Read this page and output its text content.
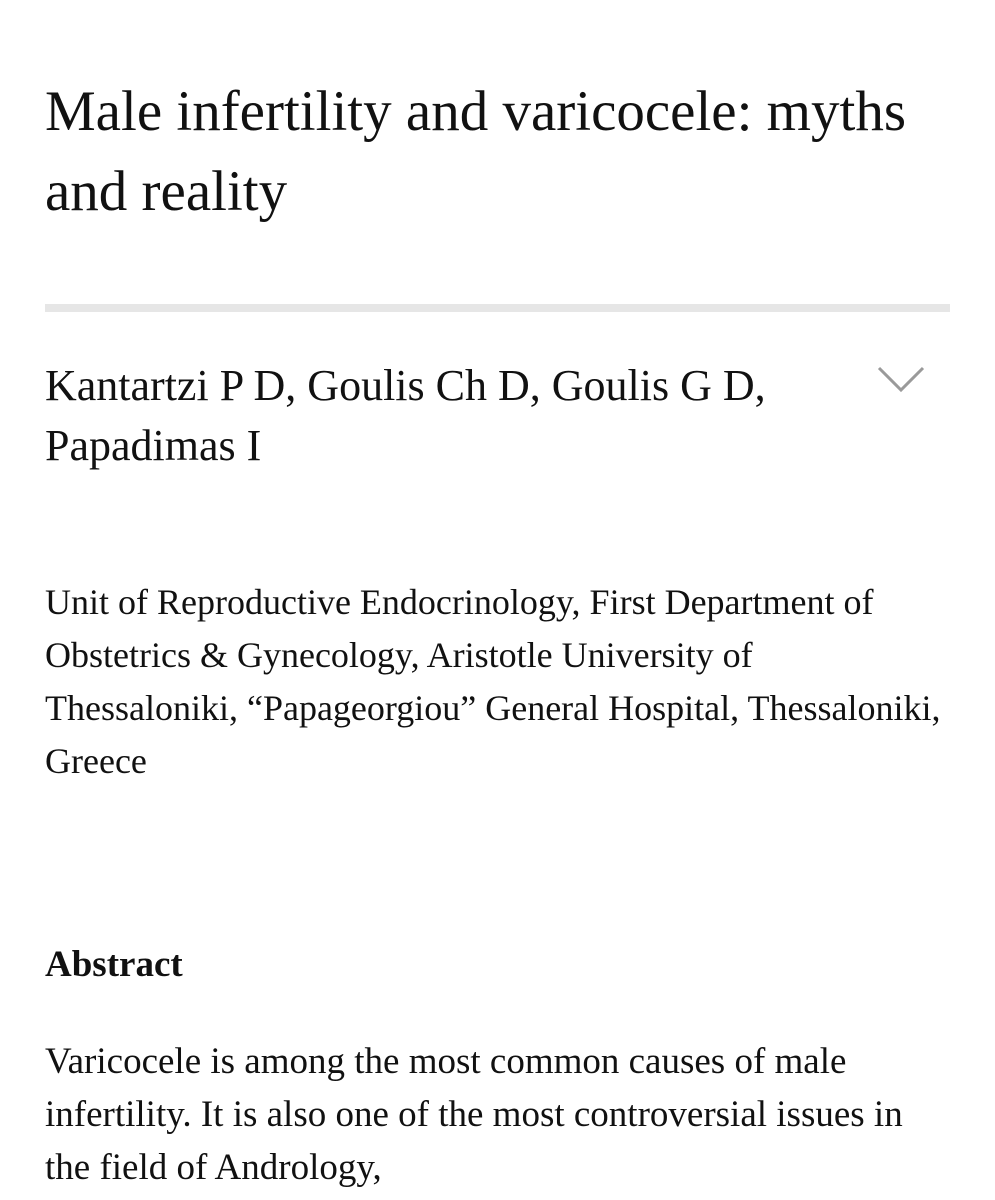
Male infertility and varicocele: myths and reality

Kantartzi P D, Goulis Ch D, Goulis G D, Papadimas I

Unit of Reproductive Endocrinology, First Department of Obstetrics & Gynecology, Aristotle University of Thessaloniki, “Papageorgiou” General Hospital, Thessaloniki, Greece

Abstract

Varicocele is among the most common causes of male infertility. It is also one of the most controversial issues in the field of Andrology,
